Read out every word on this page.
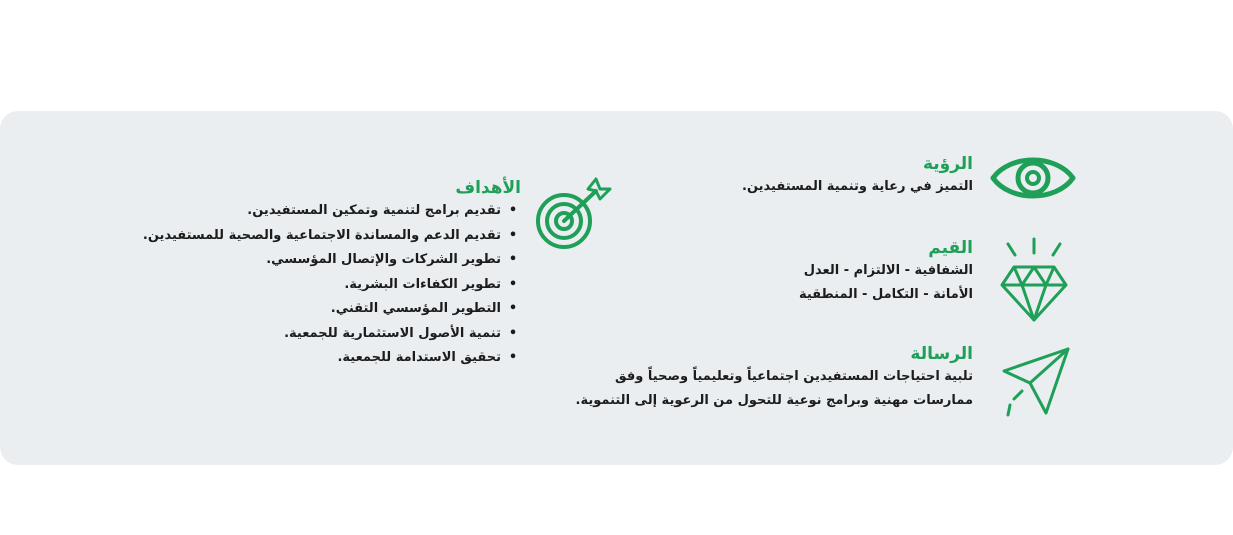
الرؤية
التميز في رعاية وتنمية المستفيدين.
القيم
الشفافية - الالتزام - العدل
الأمانة - التكامل - المنطقية
الرسالة
تلبية احتياجات المستفيدين اجتماعياً وتعليمياً وصحياً وفق
ممارسات مهنية وبرامج نوعية للتحول من الرعوية إلى التنموية.
الأهداف
•تقديم برامج لتنمية وتمكين المستفيدين.
•تقديم الدعم والمساندة الاجتماعية والصحية للمستفيدين.
•تطوير الشركات والإتصال المؤسسي.
•تطوير الكفاءات البشرية.
•التطوير المؤسسي التقني.
•تنمية الأصول الاستثمارية للجمعية.
•تحقيق الاستدامة للجمعية.
